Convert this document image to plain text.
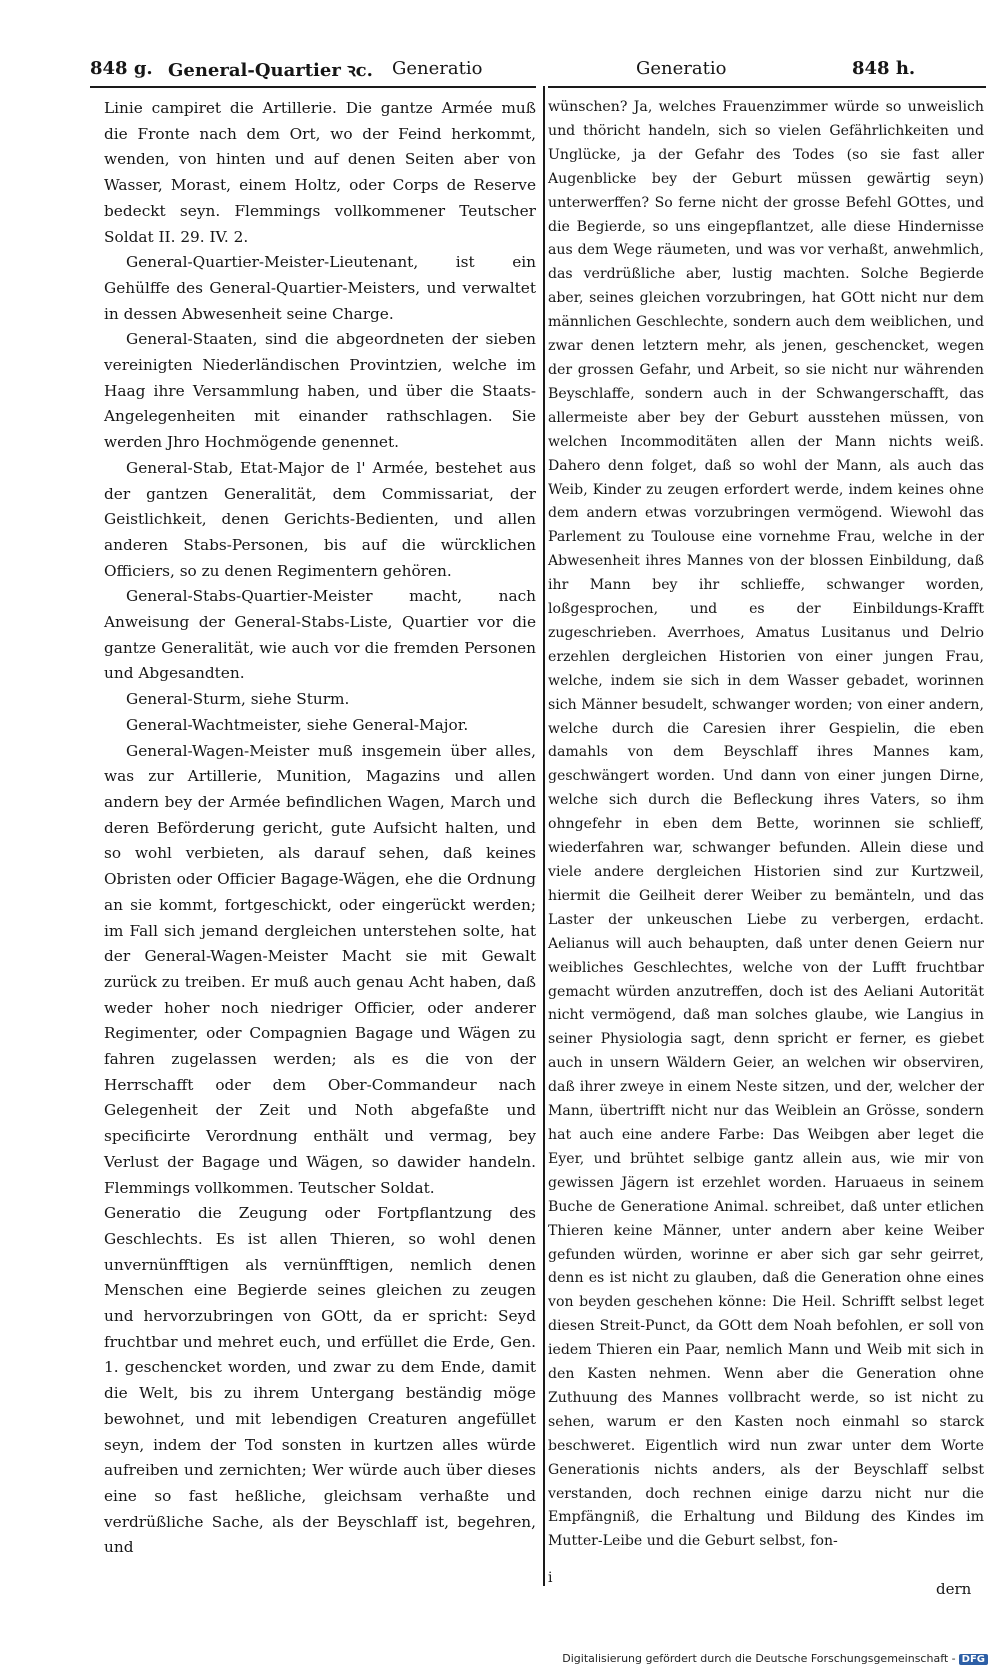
848 g. General-Quartier ꝛc. Generatio	Generatio	848 h.

Linie campiret die Artillerie. Die gantze Armée muß die Fronte nach dem Ort, wo der Feind herkommt, wenden, von hinten und auf denen Seiten aber von Wasser, Morast, einem Holtz, oder Corps de Reserve bedeckt seyn. Flemmings vollkommener Teutscher Soldat II. 29. IV. 2.

General-Quartier-Meister-Lieutenant, ist ein Gehülffe des General-Quartier-Meisters, und verwaltet in dessen Abwesenheit seine Charge.

General-Staaten, sind die abgeordneten der sieben vereinigten Niederländischen Provintzien, welche im Haag ihre Versammlung haben, und über die Staats-Angelegenheiten mit einander rathschlagen. Sie werden Jhro Hochmögende genennet.

General-Stab, Etat-Major de l' Armée, bestehet aus der gantzen Generalität, dem Commissariat, der Geistlichkeit, denen Gerichts-Bedienten, und allen anderen Stabs-Personen, bis auf die würcklichen Officiers, so zu denen Regimentern gehören.

General-Stabs-Quartier-Meister macht, nach Anweisung der General-Stabs-Liste, Quartier vor die gantze Generalität, wie auch vor die fremden Personen und Abgesandten.

General-Sturm, siehe Sturm.

General-Wachtmeister, siehe General-Major.

General-Wagen-Meister muß insgemein über alles, was zur Artillerie, Munition, Magazins und allen andern bey der Armée befindlichen Wagen, March und deren Beförderung gericht, gute Aufsicht halten, und so wohl verbieten, als darauf sehen, daß keines Obristen oder Officier Bagage-Wägen, ehe die Ordnung an sie kommt, fortgeschickt, oder eingerückt werden; im Fall sich jemand dergleichen unterstehen solte, hat der General-Wagen-Meister Macht sie mit Gewalt zurück zu treiben. Er muß auch genau Acht haben, daß weder hoher noch niedriger Officier, oder anderer Regimenter, oder Compagnien Bagage und Wägen zu fahren zugelassen werden; als es die von der Herrschafft oder dem Ober-Commandeur nach Gelegenheit der Zeit und Noth abgefaßte und specificirte Verordnung enthält und vermag, bey Verlust der Bagage und Wägen, so dawider handeln. Flemmings vollkommen. Teutscher Soldat.

Generatio die Zeugung oder Fortpflantzung des Geschlechts. Es ist allen Thieren, so wohl denen unvernünfftigen als vernünfftigen, nemlich denen Menschen eine Begierde seines gleichen zu zeugen und hervorzubringen von GOtt, da er spricht: Seyd fruchtbar und mehret euch, und erfüllet die Erde, Gen. 1. geschencket worden, und zwar zu dem Ende, damit die Welt, bis zu ihrem Untergang beständig möge bewohnet, und mit lebendigen Creaturen angefüllet seyn, indem der Tod sonsten in kurtzen alles würde aufreiben und zernichten; Wer würde auch über dieses eine so fast heßliche, gleichsam verhaßte und verdrüßliche Sache, als der Beyschlaff ist, begehren, und

wünschen? Ja, welches Frauenzimmer würde so unweislich und thöricht handeln, sich so vielen Gefährlichkeiten und Unglücke, ja der Gefahr des Todes (so sie fast aller Augenblicke bey der Geburt müssen gewärtig seyn) unterwerffen? So ferne nicht der grosse Befehl GOttes, und die Begierde, so uns eingepflantzet, alle diese Hindernisse aus dem Wege räumeten, und was vor verhaßt, anwehmlich, das verdrüßliche aber, lustig machten. Solche Begierde aber, seines gleichen vorzubringen, hat GOtt nicht nur dem männlichen Geschlechte, sondern auch dem weiblichen, und zwar denen letztern mehr, als jenen, geschencket, wegen der grossen Gefahr, und Arbeit, so sie nicht nur währenden Beyschlaffe, sondern auch in der Schwangerschafft, das allermeiste aber bey der Geburt ausstehen müssen, von welchen Incommoditäten allen der Mann nichts weiß. Dahero denn folget, daß so wohl der Mann, als auch das Weib, Kinder zu zeugen erfordert werde, indem keines ohne dem andern etwas vorzubringen vermögend. Wiewohl das Parlement zu Toulouse eine vornehme Frau, welche in der Abwesenheit ihres Mannes von der blossen Einbildung, daß ihr Mann bey ihr schlieffe, schwanger worden, loßgesprochen, und es der Einbildungs-Krafft zugeschrieben. Averrhoes, Amatus Lusitanus und Delrio erzehlen dergleichen Historien von einer jungen Frau, welche, indem sie sich in dem Wasser gebadet, worinnen sich Männer besudelt, schwanger worden; von einer andern, welche durch die Caresien ihrer Gespielin, die eben damahls von dem Beyschlaff ihres Mannes kam, geschwängert worden. Und dann von einer jungen Dirne, welche sich durch die Befleckung ihres Vaters, so ihm ohngefehr in eben dem Bette, worinnen sie schlieff, wiederfahren war, schwanger befunden. Allein diese und viele andere dergleichen Historien sind zur Kurtzweil, hiermit die Geilheit derer Weiber zu bemänteln, und das Laster der unkeuschen Liebe zu verbergen, erdacht. Aelianus will auch behaupten, daß unter denen Geiern nur weibliches Geschlechtes, welche von der Lufft fruchtbar gemacht würden anzutreffen, doch ist des Aeliani Autorität nicht vermögend, daß man solches glaube, wie Langius in seiner Physiologia sagt, denn spricht er ferner, es giebet auch in unsern Wäldern Geier, an welchen wir observiren, daß ihrer zweye in einem Neste sitzen, und der, welcher der Mann, übertrifft nicht nur das Weiblein an Grösse, sondern hat auch eine andere Farbe: Das Weibgen aber leget die Eyer, und brühtet selbige gantz allein aus, wie mir von gewissen Jägern ist erzehlet worden. Haruaeus in seinem Buche de Generatione Animal. schreibet, daß unter etlichen Thieren keine Männer, unter andern aber keine Weiber gefunden würden, worinne er aber sich gar sehr geirret, denn es ist nicht zu glauben, daß die Generation ohne eines von beyden geschehen könne: Die Heil. Schrifft selbst leget diesen Streit-Punct, da GOtt dem Noah befohlen, er soll von iedem Thieren ein Paar, nemlich Mann und Weib mit sich in den Kasten nehmen. Wenn aber die Generation ohne Zuthuung des Mannes vollbracht werde, so ist nicht zu sehen, warum er den Kasten noch einmahl so starck beschweret. Eigentlich wird nun zwar unter dem Worte Generationis nichts anders, als der Beyschlaff selbst verstanden, doch rechnen einige darzu nicht nur die Empfängniß, die Erhaltung und Bildung des Kindes im Mutter-Leibe und die Geburt selbst, fon-

i
dern
Digitalisierung gefördert durch die Deutsche Forschungsgemeinschaft - DFG
